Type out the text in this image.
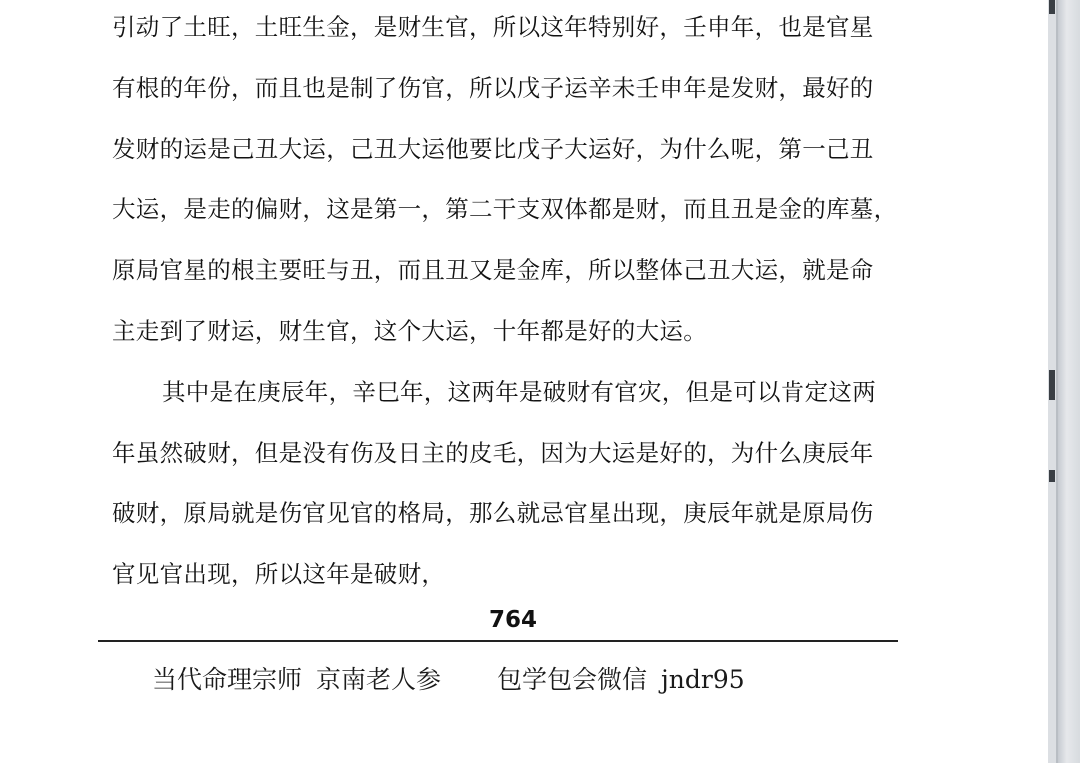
引动了土旺，土旺生金，是财生官，所以这年特别好，壬申年，也是官星
有根的年份，而且也是制了伤官，所以戊子运辛未壬申年是发财，最好的
发财的运是己丑大运，己丑大运他要比戊子大运好，为什么呢，第一己丑
大运，是走的偏财，这是第一，第二干支双体都是财，而且丑是金的库墓，
原局官星的根主要旺与丑，而且丑又是金库，所以整体己丑大运，就是命
主走到了财运，财生官，这个大运，十年都是好的大运。
其中是在庚辰年，辛巳年，这两年是破财有官灾，但是可以肯定这两
年虽然破财，但是没有伤及日主的皮毛，因为大运是好的，为什么庚辰年
破财，原局就是伤官见官的格局，那么就忌官星出现，庚辰年就是原局伤
官见官出现，所以这年是破财，
764
当代命理宗师 京南老人参 包学包会微信 jndr95
